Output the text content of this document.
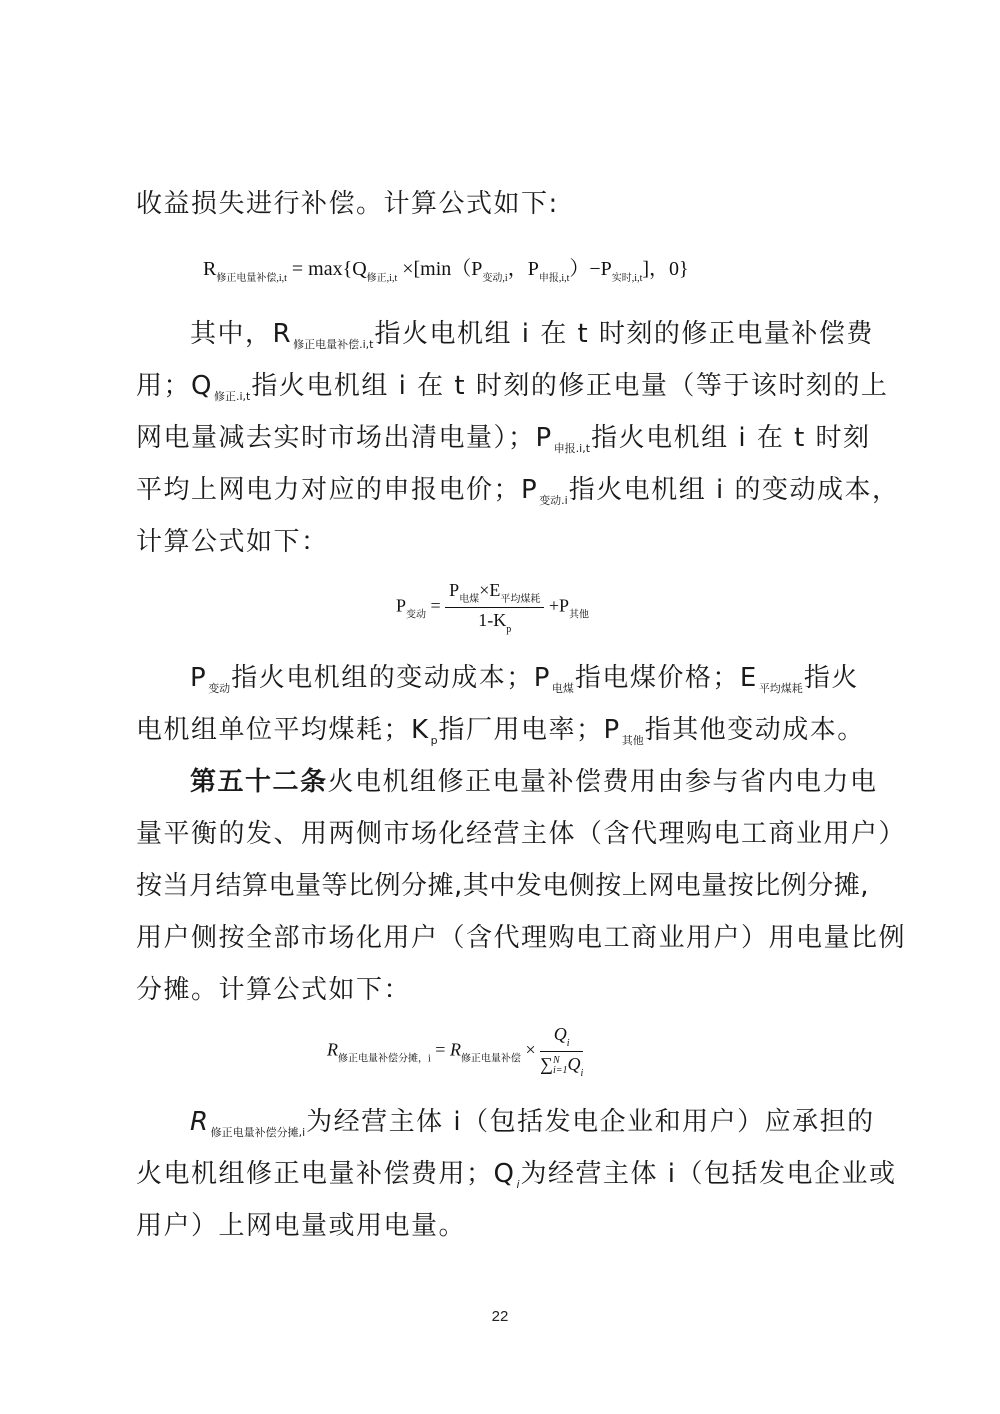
收益损失进行补偿。计算公式如下:
$R_{修正电量补偿,i,t} = \max\{Q_{修正,i,t} \times[\min(P_{变动,i}$，$P_{申报,i,t})-P_{实时,i,t}$]，0}
其中，$R_{修正电量补偿.i,t}$指火电机组 i 在 t 时刻的修正电量补偿费
用；$Q_{修正.i,t}$指火电机组 i 在 t 时刻的修正电量（等于该时刻的上
网电量减去实时市场出清电量）；$P_{申报.i,t}$指火电机组 i 在 t 时刻
平均上网电力对应的申报电价；$P_{变动.i}$指火电机组 i 的变动成本，
计算公式如下：
$P_{变动} = \frac{P_{电煤}\times E_{平均煤耗}}{1-K_p} +P_{其他}$
$P_{变动}$指火电机组的变动成本；$P_{电煤}$指电煤价格；$E_{平均煤耗}$指火
电机组单位平均煤耗；$K_p$指厂用电率；$P_{其他}$指其他变动成本。
第五十二条火电机组修正电量补偿费用由参与省内电力电
量平衡的发、用两侧市场化经营主体（含代理购电工商业用户）
按当月结算电量等比例分摊,其中发电侧按上网电量按比例分摊,
用户侧按全部市场化用户（含代理购电工商业用户）用电量比例
分摊。计算公式如下：
$R_{修正电量补偿分摊,i} = R_{修正电量补偿} \times Q_i$
∑ N
i=1 $Q_i$
$R_{修正电量补偿分摊,i}$为经营主体 i（包括发电企业和用户）应承担的
火电机组修正电量补偿费用；$Q_i$为经营主体 i（包括发电企业或
用户）上网电量或用电量。
22
